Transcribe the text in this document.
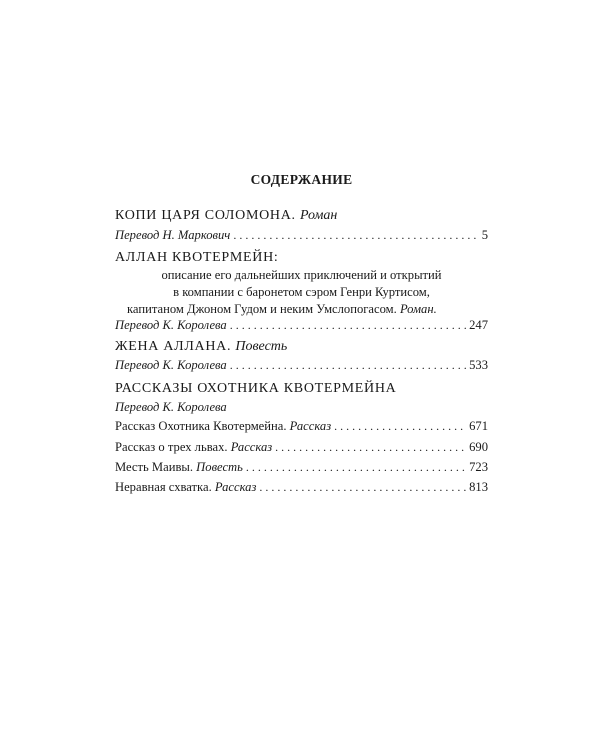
СОДЕРЖАНИЕ
КОПИ ЦАРЯ СОЛОМОНА. Роман
Перевод Н. Маркович . . .	5
АЛЛАН КВОТЕРМЕЙН:
описание его дальнейших приключений и открытий
в компании с баронетом сэром Генри Куртисом,
капитаном Джоном Гудом и неким Умслопогасом. Роман.
Перевод К. Королева . . .	247
ЖЕНА АЛЛАНА. Повесть
Перевод К. Королева . . .	533
РАССКАЗЫ ОХОТНИКА КВОТЕРМЕЙНА
Перевод К. Королева
Рассказ Охотника Квотермейна. Рассказ . . .	671
Рассказ о трех львах. Рассказ . . .	690
Месть Маивы. Повесть . . .	723
Неравная схватка. Рассказ . . .	813
